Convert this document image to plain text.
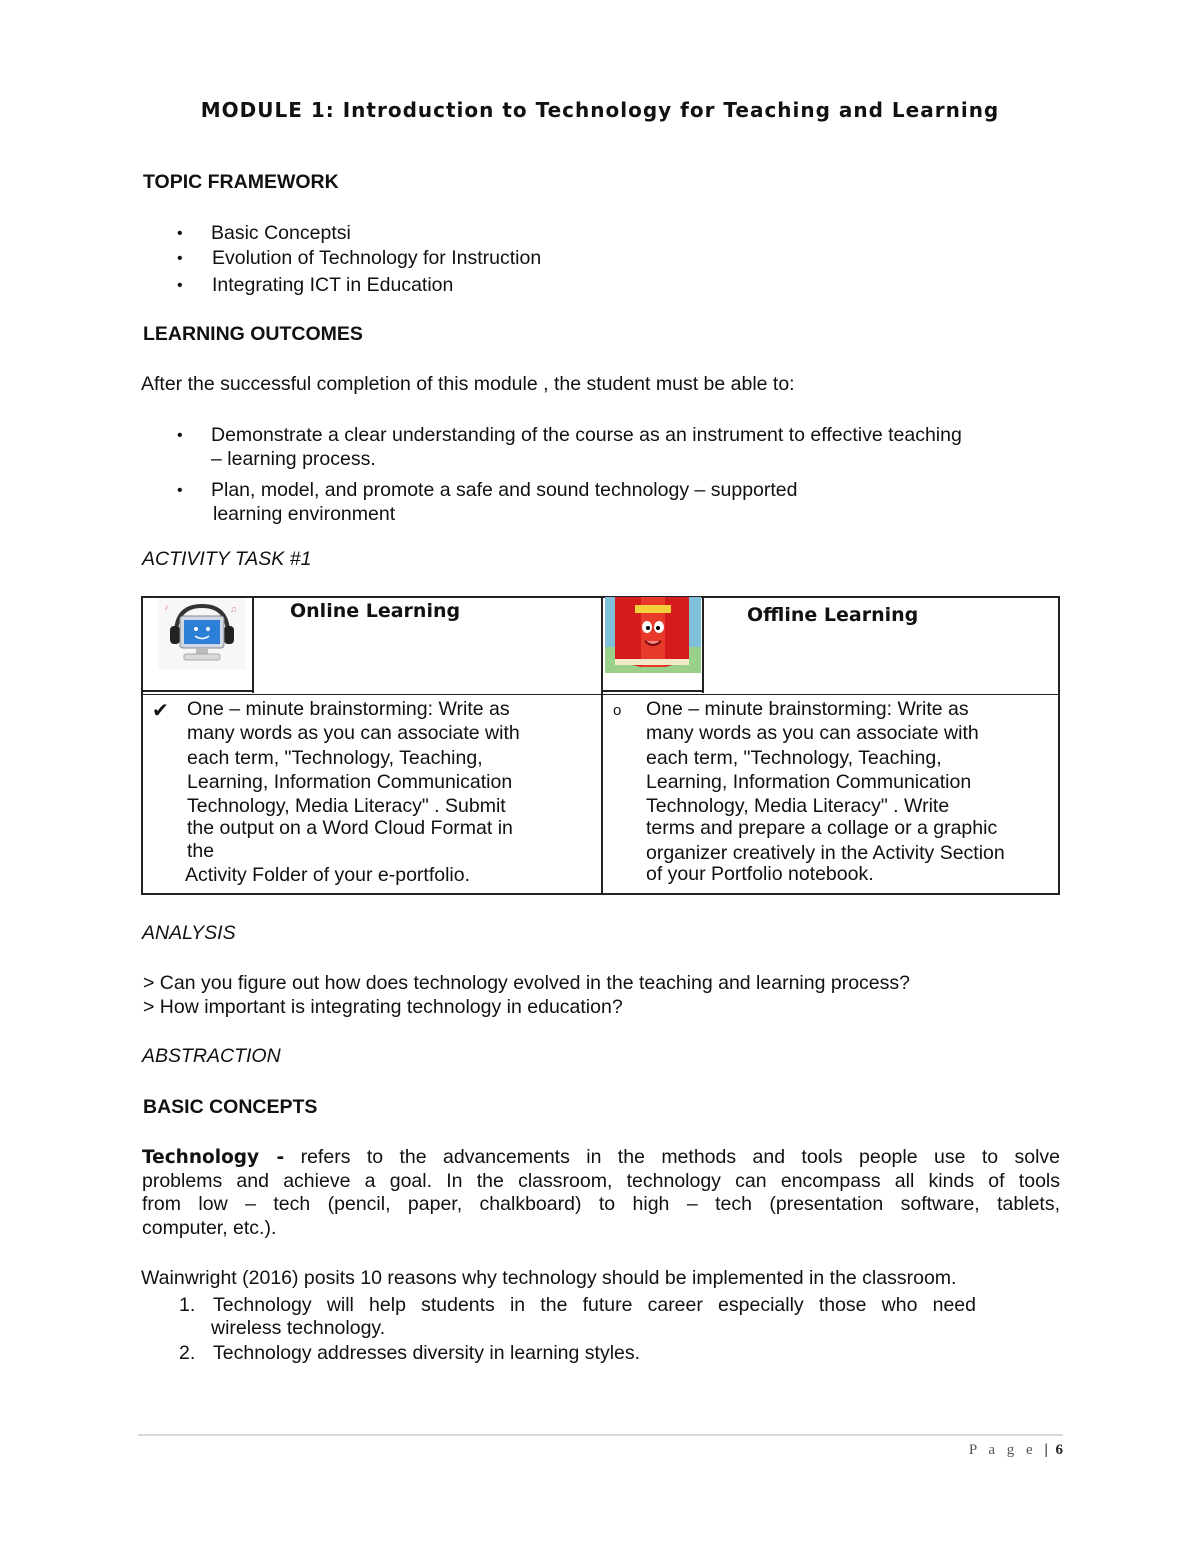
MODULE 1: Introduction to Technology for Teaching and Learning
TOPIC FRAMEWORK
• Basic Conceptsi
• Evolution of Technology for Instruction
• Integrating ICT in Education
LEARNING OUTCOMES
After the successful completion of this module , the student must be able to:
• Demonstrate a clear understanding of the course as an instrument to effective teaching
– learning process.
• Plan, model, and promote a safe and sound technology – supported
learning environment
ACTIVITY TASK #1
♪	♫	Online Learning	Offline Learning
✔ One – minute brainstorming: Write as
many words as you can associate with
each term, "Technology, Teaching,
Learning, Information Communication
Technology, Media Literacy" . Submit
the output on a Word Cloud Format in
the
Activity Folder of your e-portfolio.
o One – minute brainstorming: Write as
many words as you can associate with
each term, "Technology, Teaching,
Learning, Information Communication
Technology, Media Literacy" . Write
terms and prepare a collage or a graphic
organizer creatively in the Activity Section
of your Portfolio notebook.
ANALYSIS
> Can you figure out how does technology evolved in the teaching and learning process?
> How important is integrating technology in education?
ABSTRACTION
BASIC CONCEPTS
Technology - refers to the advancements in the methods and tools people use to solve
problems and achieve a goal. In the classroom, technology can encompass all kinds of tools
from low – tech (pencil, paper, chalkboard) to high – tech (presentation software, tablets,
computer, etc.).
Wainwright (2016) posits 10 reasons why technology should be implemented in the classroom.
1. Technology will help students in the future career especially those who need
wireless technology.
2. Technology addresses diversity in learning styles.
P a g e | 6
